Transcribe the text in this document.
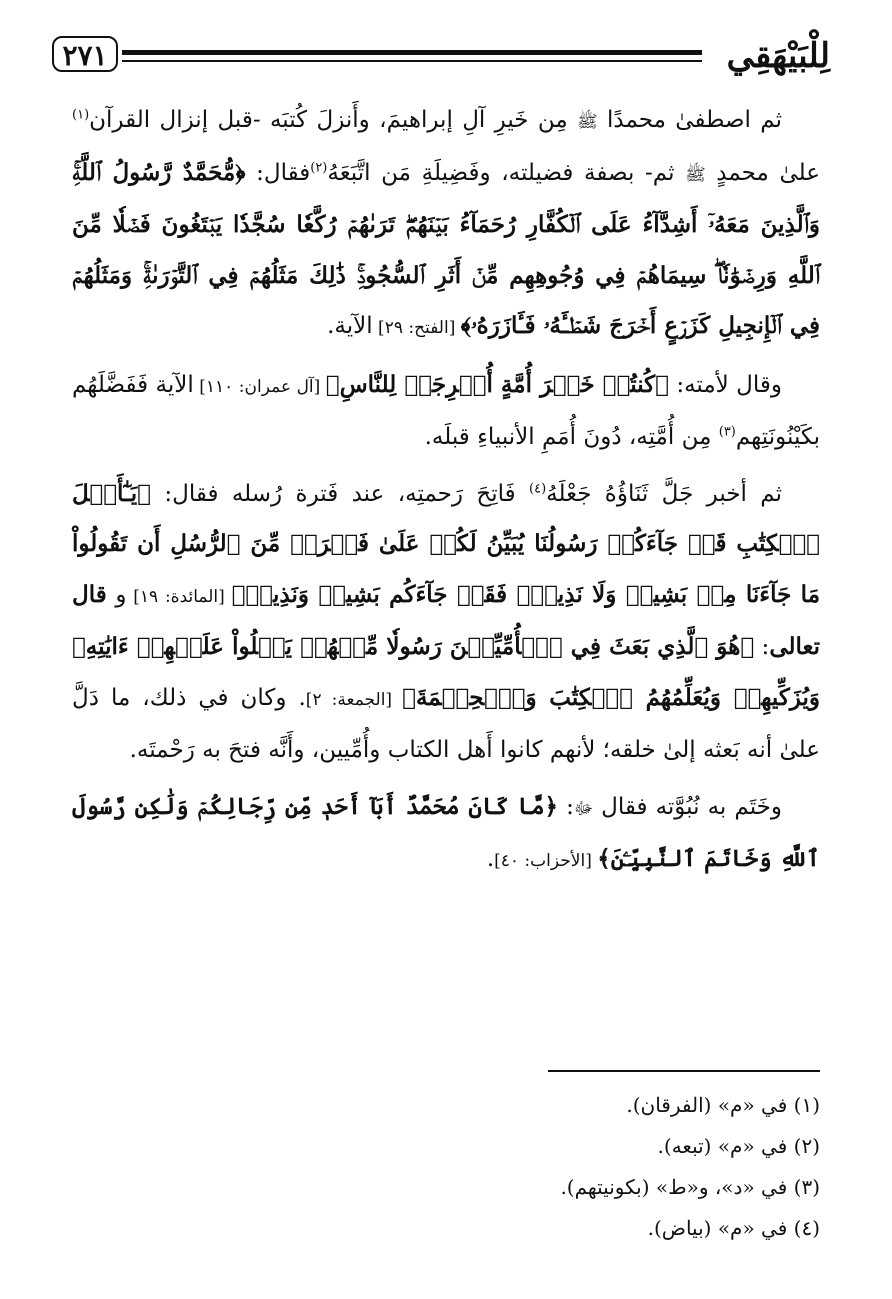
لِلْبَيْهَقِي
٢٧١

ثم اصطفىٰ محمدًا ﷺ مِن خَيرِ آلِ إبراهيمَ، وأَنزلَ كُتبَه -قبل إنزال القرآن$^{(١)}$ علىٰ محمدٍ ﷺ ثم- بصفة فضيلته، وفَضِيلَةِ مَن اتَّبَعَهُ$^{(٢)}$فقال: ﴿مُّحَمَّدٌ رَّسُولُ ٱللَّهِۚ وَٱلَّذِينَ مَعَهُۥٓ أَشِدَّآءُ عَلَى ٱلۡكُفَّارِ رُحَمَآءُ بَيۡنَهُمۡۖ تَرَىٰهُمۡ رُكَّعٗا سُجَّدٗا يَبۡتَغُونَ فَضۡلٗا مِّنَ ٱللَّهِ وَرِضۡوَٰنٗاۖ سِيمَاهُمۡ فِي وُجُوهِهِم مِّنۡ أَثَرِ ٱلسُّجُودِۚ ذَٰلِكَ مَثَلُهُمۡ فِي ٱلتَّوۡرَىٰةِۚ وَمَثَلُهُمۡ فِي ٱلۡإِنجِيلِ كَزَرۡعٍ أَخۡرَجَ شَطۡـَٔهُۥ فَـَٔازَرَهُۥ﴾ [الفتح: ٢٩] الآية.

وقال لأمته: ﴿كُنتُمۡ خَيۡرَ أُمَّةٍ أُخۡرِجَتۡ لِلنَّاسِ﴾ [آل عمران: ١١٠] الآية فَفَضَّلَهُم بكَيْنُونَتِهم$^{(٣)}$ مِن أُمَّتِه، دُونَ أُمَمِ الأنبياءِ قبلَه.

ثم أخبر جَلَّ ثَنَاؤُهُ جَعْلَهُ$^{(٤)}$ فَاتِحَ رَحمتِه، عند فَترة رُسله فقال: ﴿يَـٰٓأَهۡلَ ٱلۡكِتَٰبِ قَدۡ جَآءَكُمۡ رَسُولُنَا يُبَيِّنُ لَكُمۡ عَلَىٰ فَتۡرَةٖ مِّنَ ٱلرُّسُلِ أَن تَقُولُواْ مَا جَآءَنَا مِنۢ بَشِيرٖ وَلَا نَذِيرٖۖ فَقَدۡ جَآءَكُم بَشِيرٞ وَنَذِيرٞ﴾ [المائدة: ١٩] و قال تعالى: ﴿هُوَ ٱلَّذِي بَعَثَ فِي ٱلۡأُمِّيِّـۧنَ رَسُولٗا مِّنۡهُمۡ يَتۡلُواْ عَلَيۡهِمۡ ءَايَٰتِهِۦ وَيُزَكِّيهِمۡ وَيُعَلِّمُهُمُ ٱلۡكِتَٰبَ وَٱلۡحِكۡمَةَ﴾ [الجمعة: ٢]. وكان في ذلك، ما دَلَّ علىٰ أنه بَعثه إلىٰ خلقه؛ لأنهم كانوا أَهل الكتاب وأُمِّيين، وأَنَّه فتحَ به رَحْمتَه.

وخَتَم به نُبُوَّته فقال ﷻ: ﴿مَّا كَانَ مُحَمَّدٌ أَبَآ أَحَدٖ مِّن رِّجَالِكُمۡ وَلَٰكِن رَّسُولَ ٱللَّهِ وَخَاتَمَ ٱلنَّبِيِّـۧنَ﴾ [الأحزاب: ٤٠].

(١) في «م» (الفرقان).

(٢) في «م» (تبعه).

(٣) في «د»، و«ط» (بكونيتهم).

(٤) في «م» (بياض).
